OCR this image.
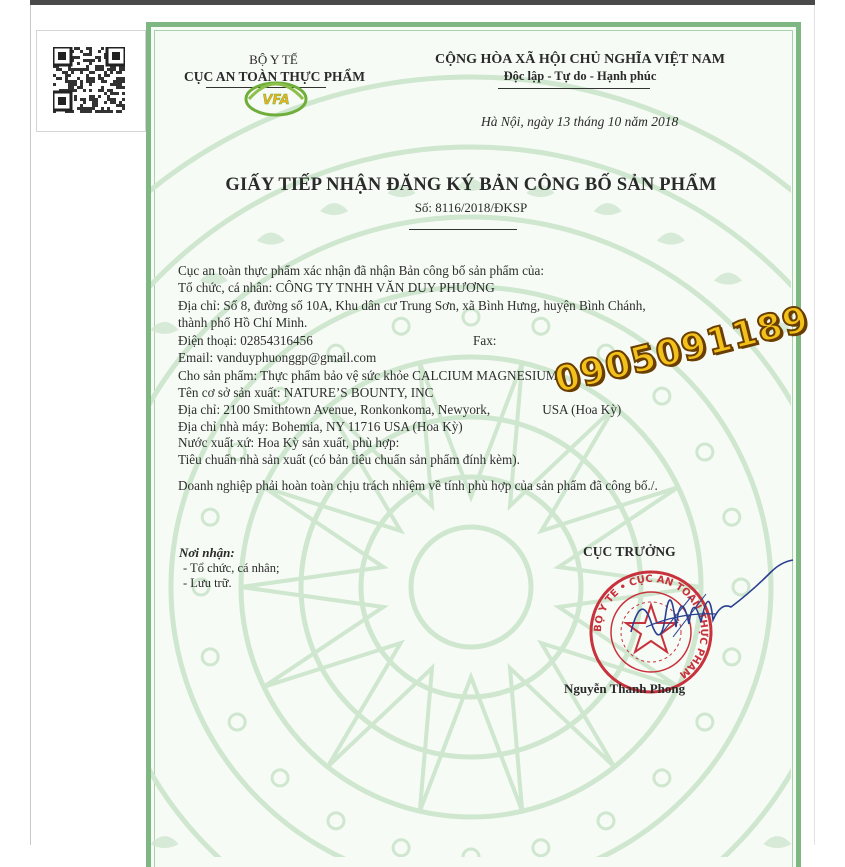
BỘ Y TẾ
CỤC AN TOÀN THỰC PHẨM
VFA
CỘNG HÒA XÃ HỘI CHỦ NGHĨA VIỆT NAM
Độc lập - Tự do - Hạnh phúc
Hà Nội, ngày 13 tháng 10 năm 2018
GIẤY TIẾP NHẬN ĐĂNG KÝ BẢN CÔNG BỐ SẢN PHẨM
Số: 8116/2018/ĐKSP
Cục an toàn thực phẩm xác nhận đã nhận Bản công bố sản phẩm của:
Tổ chức, cá nhân: CÔNG TY TNHH VĂN DUY PHƯƠNG
Địa chỉ: Số 8, đường số 10A, Khu dân cư Trung Sơn, xã Bình Hưng, huyện Bình Chánh,
thành phố Hồ Chí Minh.
Điện thoại: 02854316456	Fax:
Email: vanduyphuonggp@gmail.com
Cho sản phẩm: Thực phẩm bảo vệ sức khỏe CALCIUM MAGNESIUM
Tên cơ sở sản xuất: NATURE’S BOUNTY, INC
Địa chỉ: 2100 Smithtown Avenue, Ronkonkoma, Newyork,	USA (Hoa Kỳ)
Địa chỉ nhà máy: Bohemia, NY 11716 USA (Hoa Kỳ)
Nước xuất xứ: Hoa Kỳ sản xuất, phù hợp:
Tiêu chuẩn nhà sản xuất (có bản tiêu chuẩn sản phẩm đính kèm).
Doanh nghiệp phải hoàn toàn chịu trách nhiệm về tính phù hợp của sản phẩm đã công bố./.
Nơi nhận:
- Tổ chức, cá nhân;
- Lưu trữ.
CỤC TRƯỞNG
BỘ Y TẾ • CỤC AN TOÀN THỰC PHẨM
Nguyễn Thanh Phong
0905091189
